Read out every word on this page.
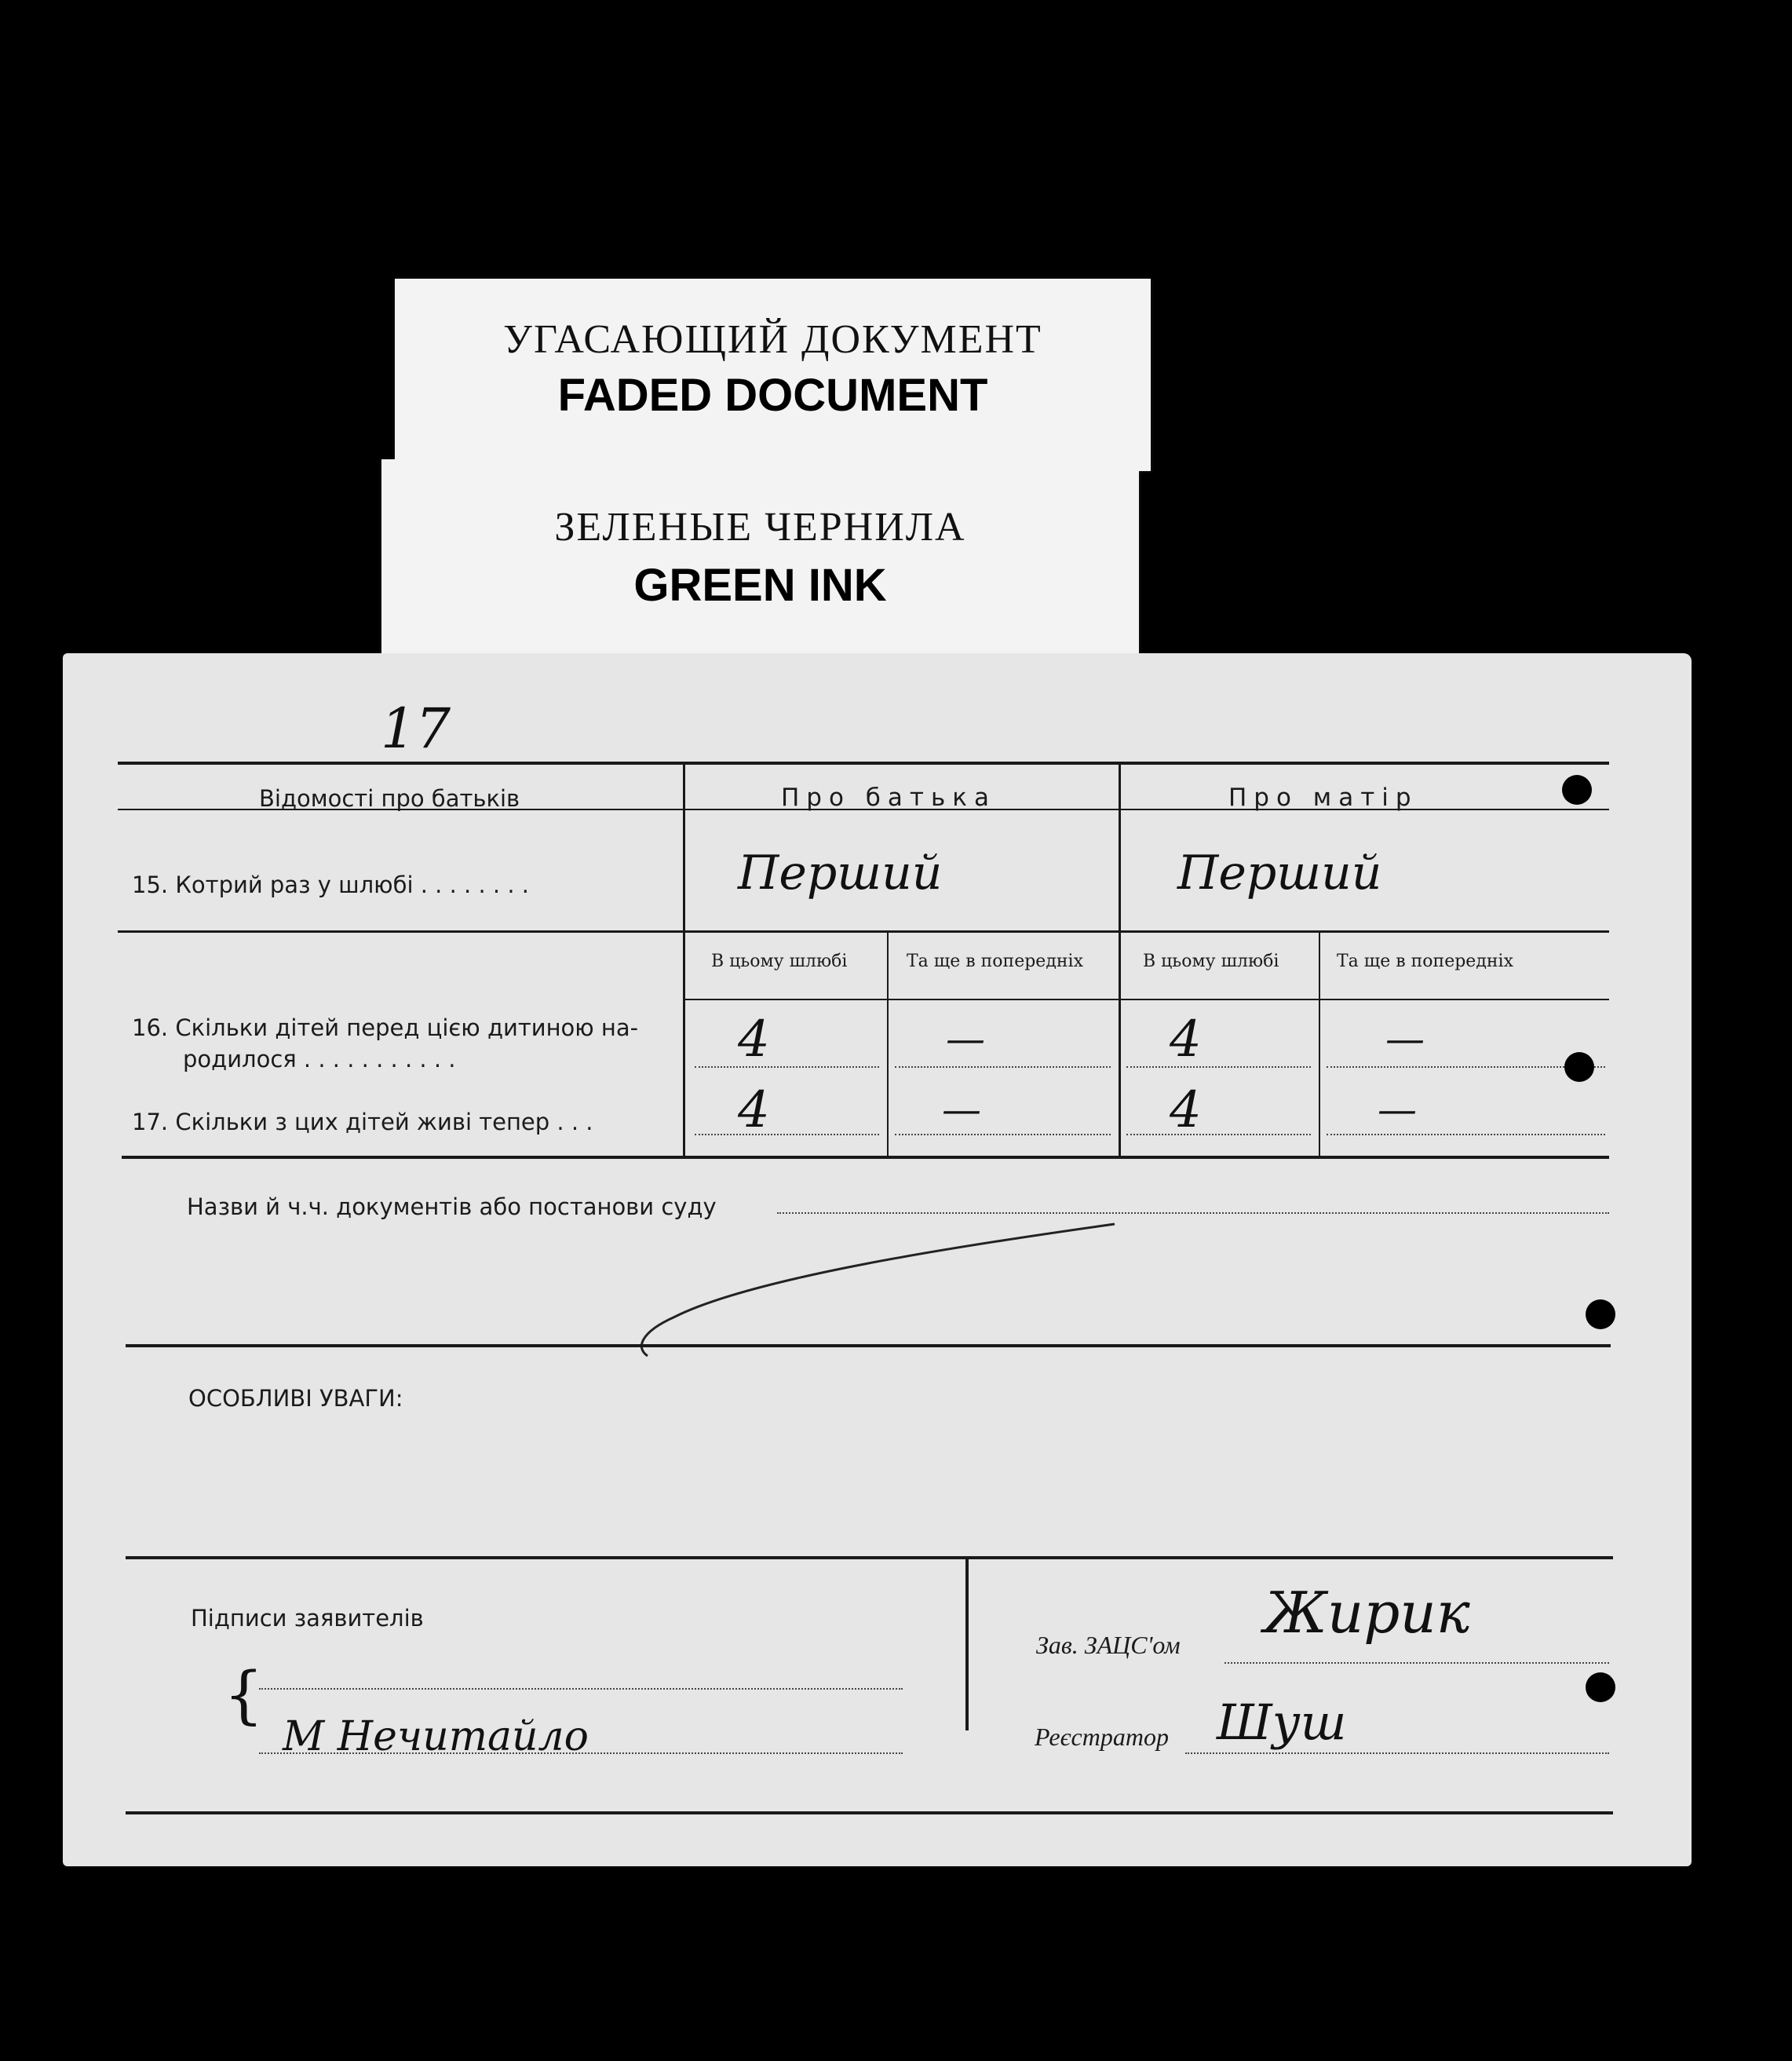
УГАСАЮЩИЙ ДОКУМЕНТ
FADED DOCUMENT
ЗЕЛЕНЫЕ ЧЕРНИЛА
GREEN INK
17
Відомості про батьків	Про батька	Про матір
15. Котрий раз у шлюбі . . . . . . . .	Перший	Перший
В цьому шлюбі	Та ще в попередніх	В цьому шлюбі	Та ще в попередніх
16. Скільки дітей перед цією дитиною на-
родилося . . . . . . . . . . .	4	—	4	—
17. Скільки з цих дітей живі тепер . . .	4	—	4	—
Назви й ч.ч. документів або постанови суду
ОСОБЛИВІ УВАГИ:
Підписи заявителів
{
М Нечитайло
Зав. ЗАЦС'ом Жирик
Реєстратор Шуш
